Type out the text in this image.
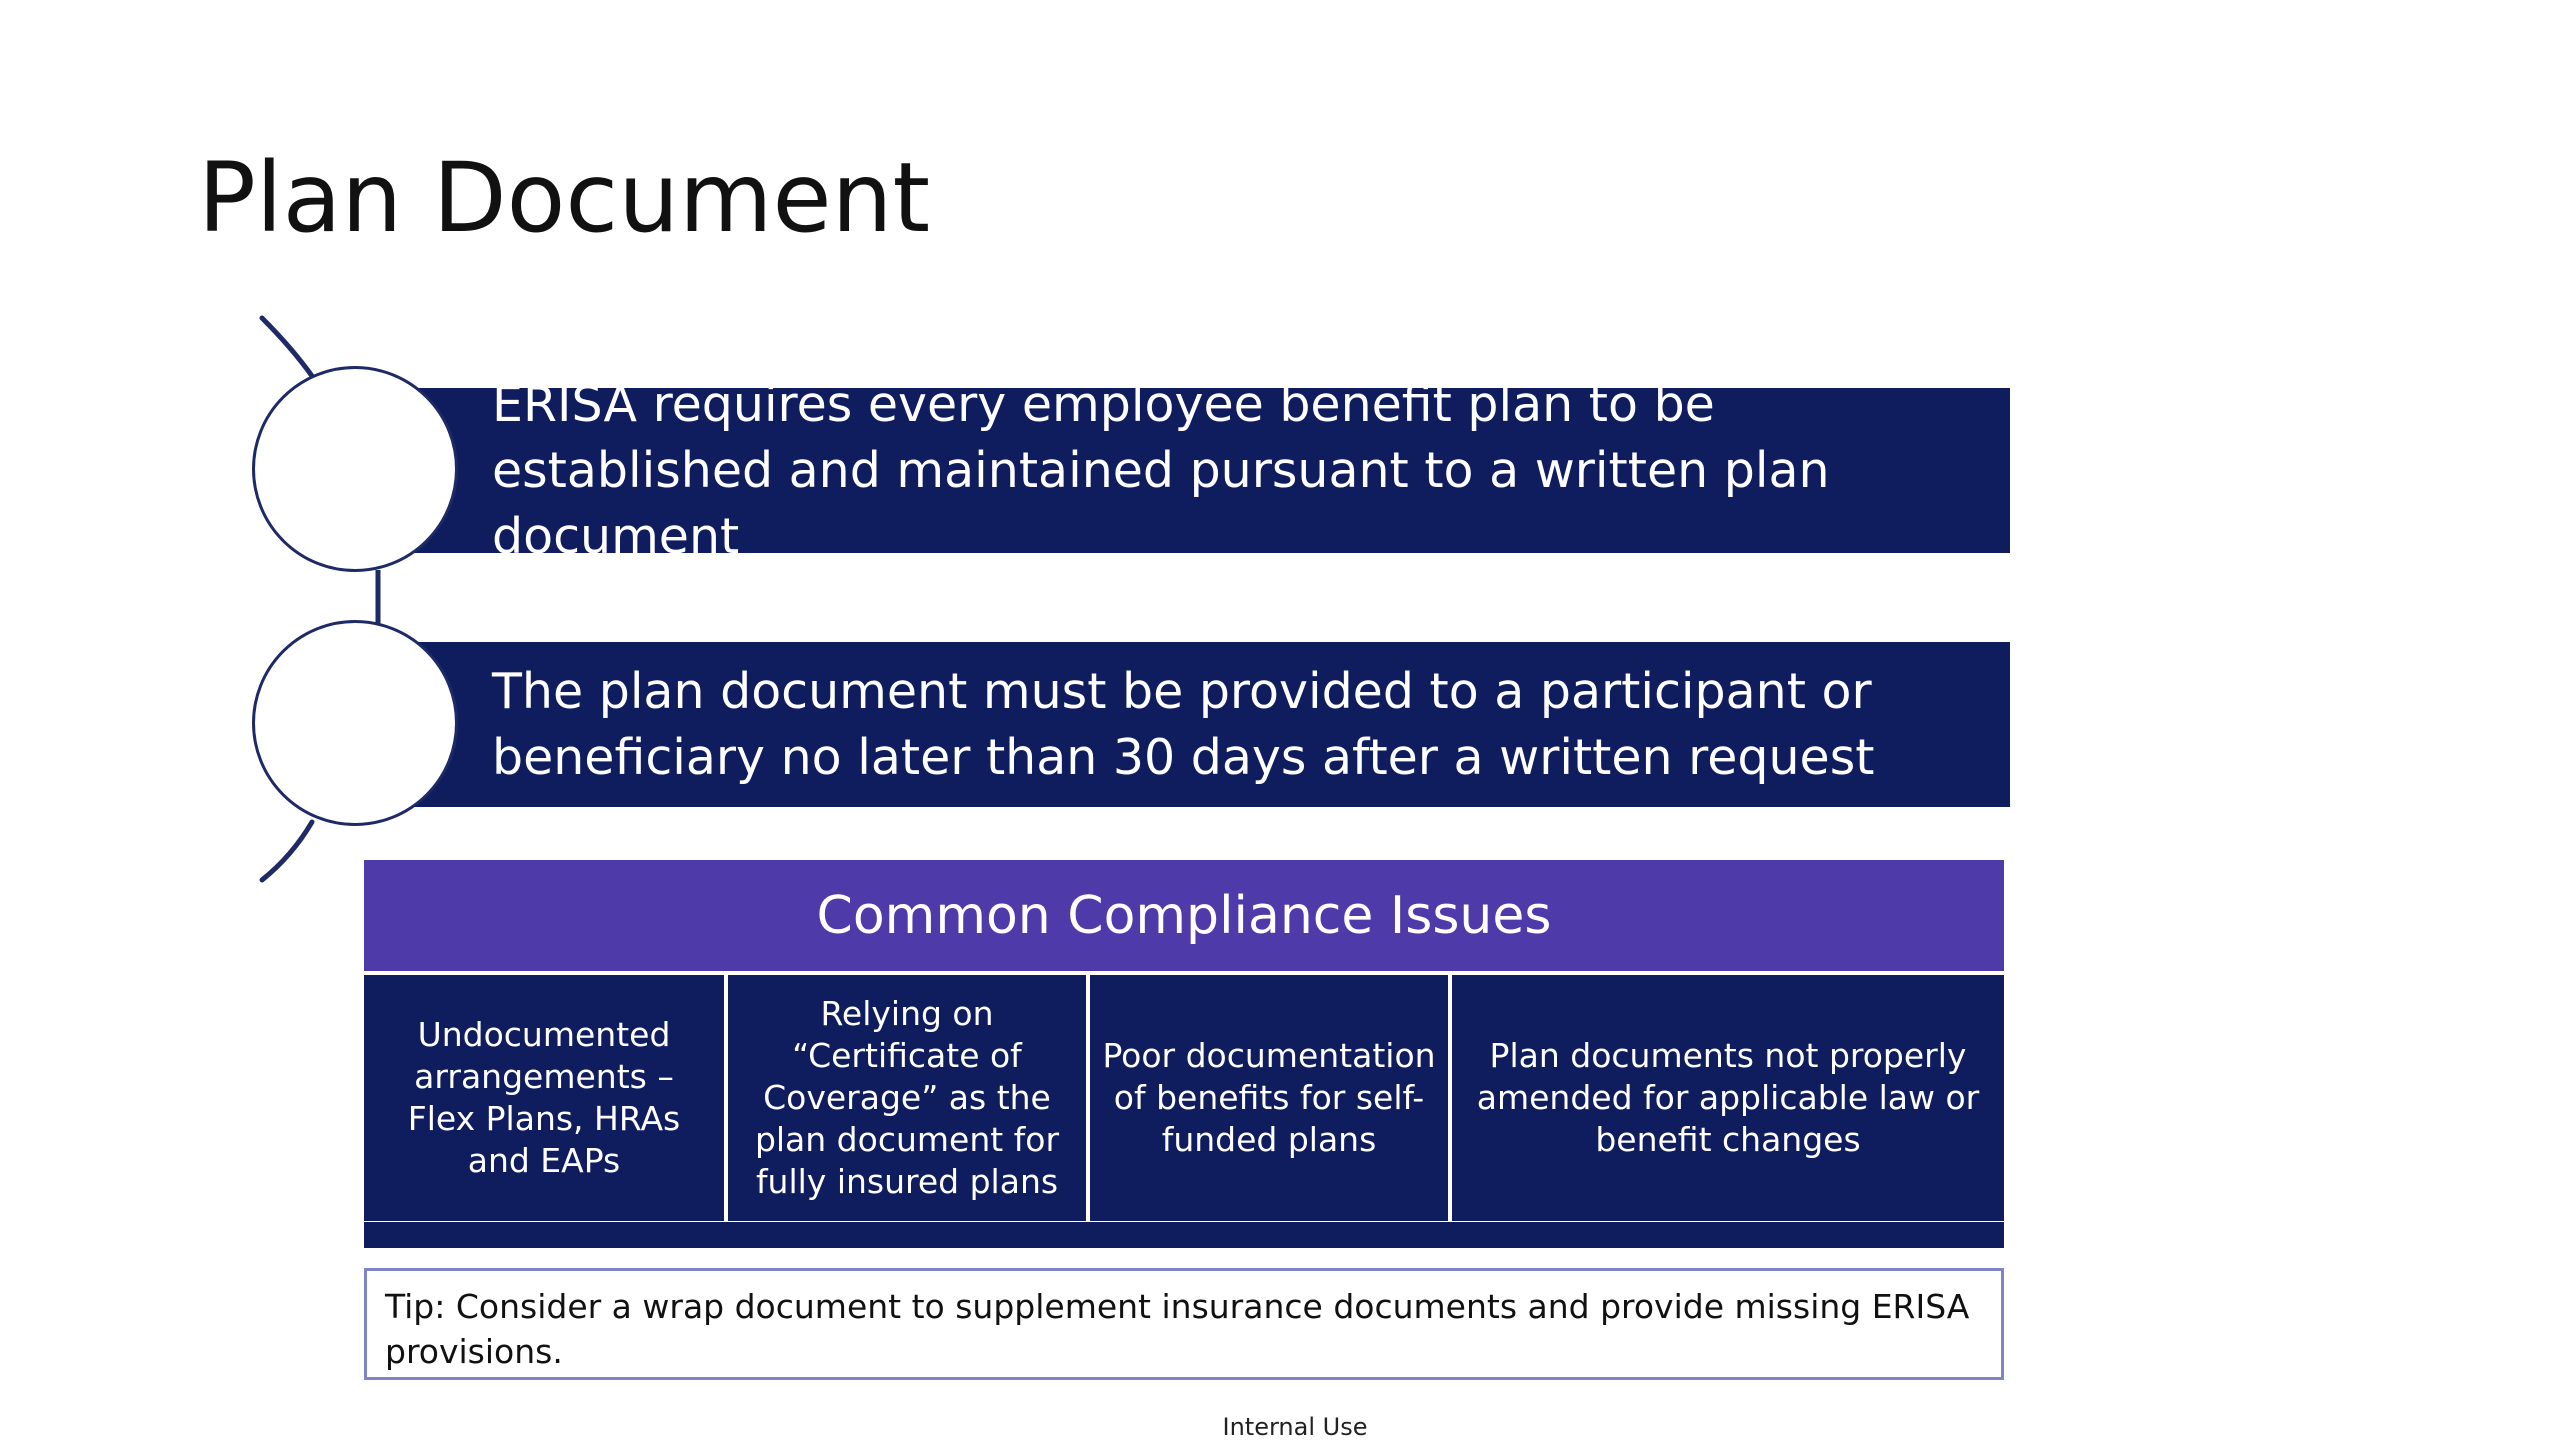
Plan Document
ERISA requires every employee benefit plan to be established and maintained pursuant to a written plan document
The plan document must be provided to a participant or beneficiary no later than 30 days after a written request
Common Compliance Issues
Undocumented arrangements – Flex Plans, HRAs and EAPs
Relying on “Certificate of Coverage” as the plan document for fully insured plans
Poor documentation of benefits for self-funded plans
Plan documents not properly amended for applicable law or benefit changes
Tip: Consider a wrap document to supplement insurance documents and provide missing ERISA provisions.
Internal Use
